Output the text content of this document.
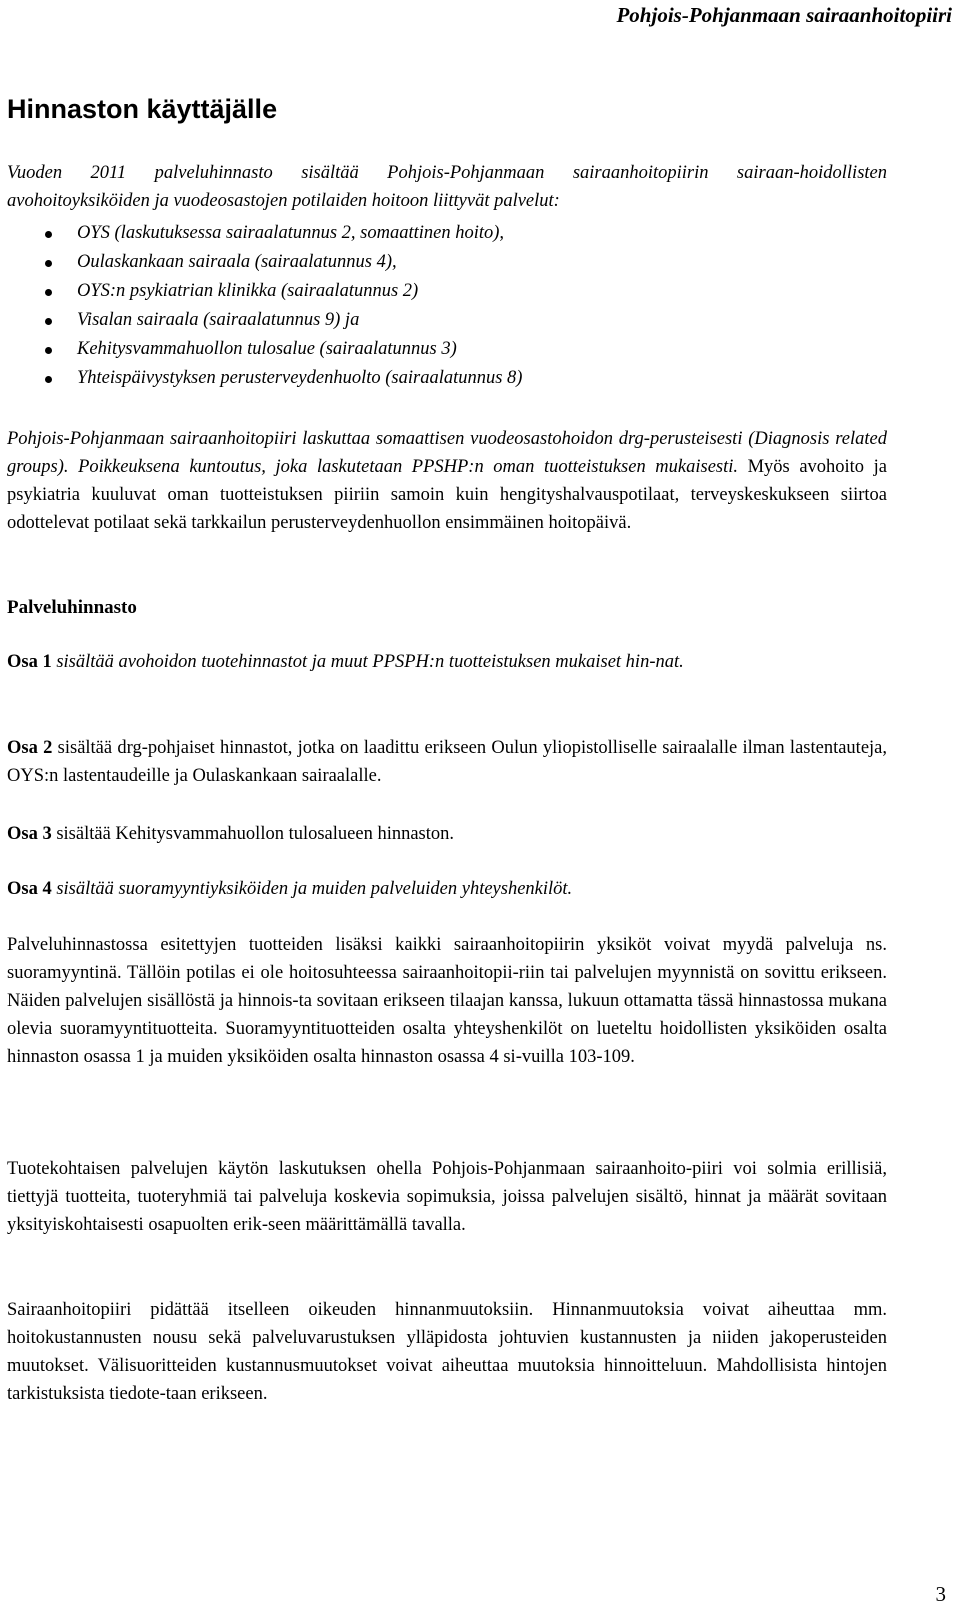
Pohjois-Pohjanmaan sairaanhoitopiiri
Hinnaston käyttäjälle

Vuoden 2011 palveluhinnasto sisältää Pohjois-Pohjanmaan sairaanhoitopiirin sairaan-hoidollisten avohoitoyksiköiden ja vuodeosastojen potilaiden hoitoon liittyvät palvelut:

OYS (laskutuksessa sairaalatunnus 2, somaattinen hoito),
Oulaskankaan sairaala (sairaalatunnus 4),
OYS:n psykiatrian klinikka (sairaalatunnus 2)
Visalan sairaala (sairaalatunnus 9) ja
Kehitysvammahuollon tulosalue (sairaalatunnus 3)
Yhteispäivystyksen perusterveydenhuolto (sairaalatunnus 8)

Pohjois-Pohjanmaan sairaanhoitopiiri laskuttaa somaattisen vuodeosastohoidon drg-perusteisesti (Diagnosis related groups). Poikkeuksena kuntoutus, joka laskutetaan PPSHP:n oman tuotteistuksen mukaisesti. Myös avohoito ja psykiatria kuuluvat oman tuotteistuksen piiriin samoin kuin hengityshalvauspotilaat, terveyskeskukseen siirtoa odottelevat potilaat sekä tarkkailun perusterveydenhuollon ensimmäinen hoitopäivä.

Palveluhinnasto

Osa 1 sisältää avohoidon tuotehinnastot ja muut PPSPH:n tuotteistuksen mukaiset hin-nat.

Osa 2 sisältää drg-pohjaiset hinnastot, jotka on laadittu erikseen Oulun yliopistolliselle sairaalalle ilman lastentauteja, OYS:n lastentaudeille ja Oulaskankaan sairaalalle.

Osa 3 sisältää Kehitysvammahuollon tulosalueen hinnaston.

Osa 4 sisältää suoramyyntiyksiköiden ja muiden palveluiden yhteyshenkilöt.

Palveluhinnastossa esitettyjen tuotteiden lisäksi kaikki sairaanhoitopiirin yksiköt voivat myydä palveluja ns. suoramyyntinä. Tällöin potilas ei ole hoitosuhteessa sairaanhoitopii-riin tai palvelujen myynnistä on sovittu erikseen. Näiden palvelujen sisällöstä ja hinnois-ta sovitaan erikseen tilaajan kanssa, lukuun ottamatta tässä hinnastossa mukana olevia suoramyyntituotteita. Suoramyyntituotteiden osalta yhteyshenkilöt on lueteltu hoidollisten yksiköiden osalta hinnaston osassa 1 ja muiden yksiköiden osalta hinnaston osassa 4 si-vuilla 103-109.

Tuotekohtaisen palvelujen käytön laskutuksen ohella Pohjois-Pohjanmaan sairaanhoito-piiri voi solmia erillisiä, tiettyjä tuotteita, tuoteryhmiä tai palveluja koskevia sopimuksia, joissa palvelujen sisältö, hinnat ja määrät sovitaan yksityiskohtaisesti osapuolten erik-seen määrittämällä tavalla.

Sairaanhoitopiiri pidättää itselleen oikeuden hinnanmuutoksiin. Hinnanmuutoksia voivat aiheuttaa mm. hoitokustannusten nousu sekä palveluvarustuksen ylläpidosta johtuvien kustannusten ja niiden jakoperusteiden muutokset. Välisuoritteiden kustannusmuutokset voivat aiheuttaa muutoksia hinnoitteluun. Mahdollisista hintojen tarkistuksista tiedote-taan erikseen.

3
